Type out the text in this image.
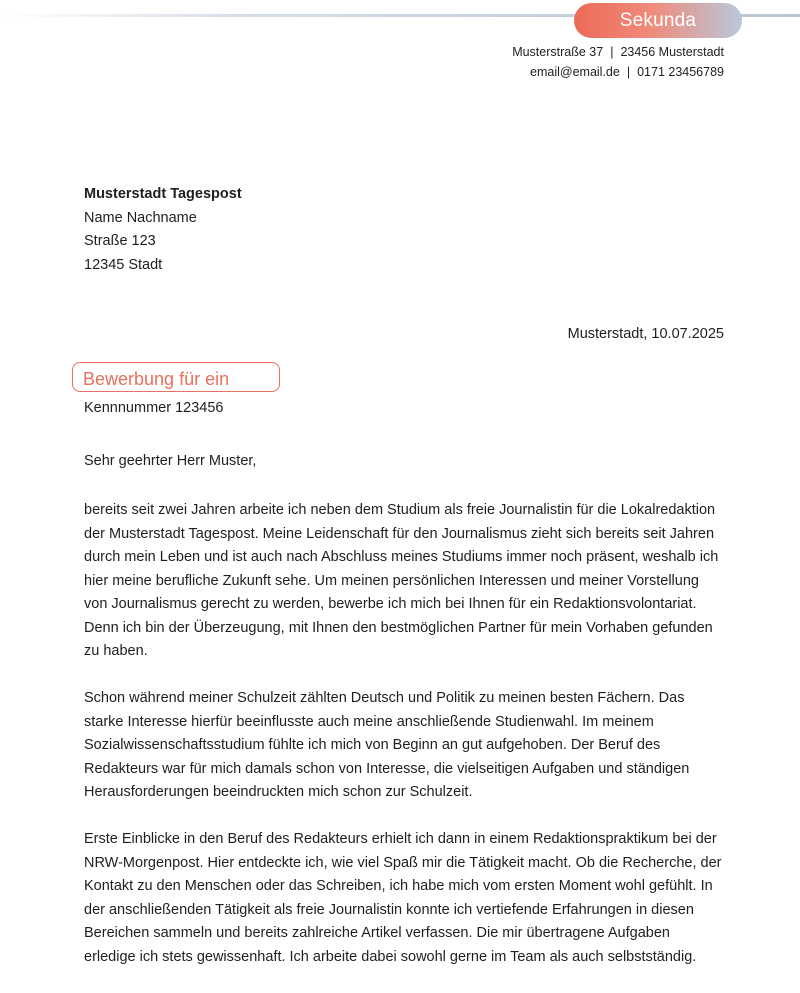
Sekunda
Musterstraße 37 | 23456 Musterstadt
email@email.de | 0171 23456789
Musterstadt Tagespost
Name Nachname
Straße 123
12345 Stadt
Musterstadt, 10.07.2025
Bewerbung für ein
Kennnummer 123456
Sehr geehrter Herr Muster,

bereits seit zwei Jahren arbeite ich neben dem Studium als freie Journalistin für die Lokalredaktion der Musterstadt Tagespost. Meine Leidenschaft für den Journalismus zieht sich bereits seit Jahren durch mein Leben und ist auch nach Abschluss meines Studiums immer noch präsent, weshalb ich hier meine berufliche Zukunft sehe. Um meinen persönlichen Interessen und meiner Vorstellung von Journalismus gerecht zu werden, bewerbe ich mich bei Ihnen für ein Redaktionsvolontariat. Denn ich bin der Überzeugung, mit Ihnen den bestmöglichen Partner für mein Vorhaben gefunden zu haben.

Schon während meiner Schulzeit zählten Deutsch und Politik zu meinen besten Fächern. Das starke Interesse hierfür beeinflusste auch meine anschließende Studienwahl. Im meinem Sozialwissenschaftsstudium fühlte ich mich von Beginn an gut aufgehoben. Der Beruf des Redakteurs war für mich damals schon von Interesse, die vielseitigen Aufgaben und ständigen Herausforderungen beeindruckten mich schon zur Schulzeit.

Erste Einblicke in den Beruf des Redakteurs erhielt ich dann in einem Redaktionspraktikum bei der NRW-Morgenpost. Hier entdeckte ich, wie viel Spaß mir die Tätigkeit macht. Ob die Recherche, der Kontakt zu den Menschen oder das Schreiben, ich habe mich vom ersten Moment wohl gefühlt. In der anschließenden Tätigkeit als freie Journalistin konnte ich vertiefende Erfahrungen in diesen Bereichen sammeln und bereits zahlreiche Artikel verfassen. Die mir übertragene Aufgaben erledige ich stets gewissenhaft. Ich arbeite dabei sowohl gerne im Team als auch selbstständig.
